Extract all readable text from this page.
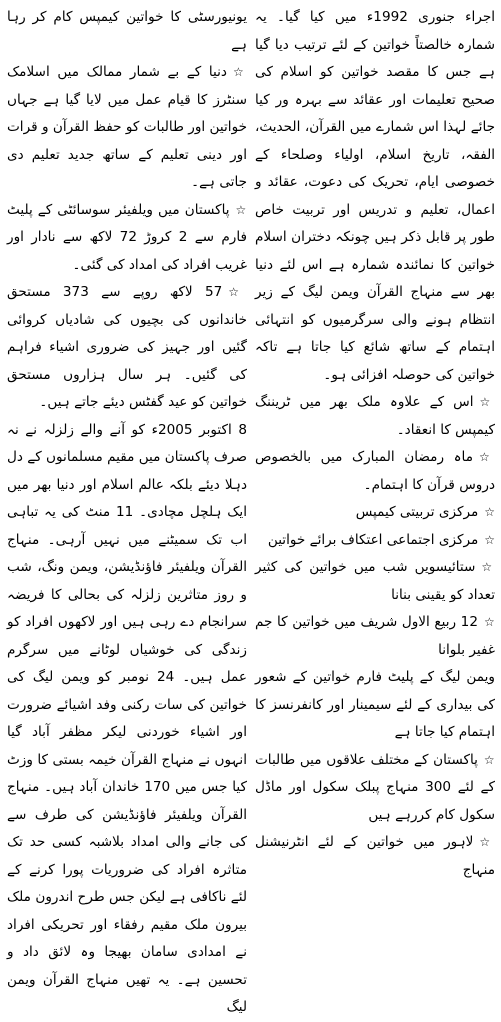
اجراء جنوری 1992ء میں کیا گیا۔ یہ شمارہ خالصتاً خواتین کے لئے ترتیب دیا گیا ہے جس کا مقصد خواتین کو اسلام کی صحیح تعلیمات اور عقائد سے بہرہ ور کیا جائے لہذا اس شمارے میں القرآن، الحدیث، الفقہ، تاریخ اسلام، اولیاء وصلحاء کے خصوصی ایام، تحریک کی دعوت، عقائد و اعمال، تعلیم و تدریس اور تربیت خاص طور پر قابل ذکر ہیں چونکہ دختران اسلام خواتین کا نمائندہ شمارہ ہے اس لئے دنیا بھر سے منہاج القرآن ویمن لیگ کے زیر انتظام ہونے والی سرگرمیوں کو انتہائی اہتمام کے ساتھ شائع کیا جاتا ہے تاکہ خواتین کی حوصلہ افزائی ہو۔

☆اس کے علاوہ ملک بھر میں ٹریننگ کیمپس کا انعقاد۔

☆ماہ رمضان المبارک میں بالخصوص دروس قرآن کا اہتمام۔

☆مرکزی تربیتی کیمپس

☆مرکزی اجتماعی اعتکاف برائے خواتین

☆ستائیسویں شب میں خواتین کی کثیر تعداد کو یقینی بنانا

☆12 ربیع الاول شریف میں خواتین کا جم غفیر بلوانا

ویمن لیگ کے پلیٹ فارم خواتین کے شعور کی بیداری کے لئے سیمینار اور کانفرنسز کا اہتمام کیا جاتا ہے

☆پاکستان کے مختلف علاقوں میں طالبات کے لئے 300 منہاج پبلک سکول اور ماڈل سکول کام کررہے ہیں

☆لاہور میں خواتین کے لئے انٹرنیشنل منہاج

یونیورسٹی کا خواتین کیمپس کام کر رہا ہے

☆دنیا کے بے شمار ممالک میں اسلامک سنٹرز کا قیام عمل میں لایا گیا ہے جہاں خواتین اور طالبات کو حفظ القرآن و قرات اور دینی تعلیم کے ساتھ جدید تعلیم دی جاتی ہے۔

☆پاکستان میں ویلفیئر سوسائٹی کے پلیٹ فارم سے 2 کروڑ 72 لاکھ سے نادار اور غریب افراد کی امداد کی گئی۔

☆57 لاکھ روپے سے 373 مستحق خاندانوں کی بچیوں کی شادیاں کروائی گئیں اور جہیز کی ضروری اشیاء فراہم کی گئیں۔ ہر سال ہزاروں مستحق خواتین کو عید گفٹس دیئے جاتے ہیں۔

8 اکتوبر 2005ء کو آنے والے زلزلہ نے نہ صرف پاکستان میں مقیم مسلمانوں کے دل دہلا دیئے بلکہ عالم اسلام اور دنیا بھر میں ایک ہلچل مچادی۔ 11 منٹ کی یہ تباہی اب تک سمیٹنے میں نہیں آرہی۔ منہاج القرآن ویلفیئر فاؤنڈیشن، ویمن ونگ، شب و روز متاثرین زلزلہ کی بحالی کا فریضہ سرانجام دے رہی ہیں اور لاکھوں افراد کو زندگی کی خوشیاں لوٹانے میں سرگرم عمل ہیں۔ 24 نومبر کو ویمن لیگ کی خواتین کی سات رکنی وفد اشیائے ضرورت اور اشیاء خوردنی لیکر مظفر آباد گیا انہوں نے منہاج القرآن خیمہ بستی کا وزٹ کیا جس میں 170 خاندان آباد ہیں۔ منہاج القرآن ویلفیئر فاؤنڈیشن کی طرف سے کی جانے والی امداد بلاشبہ کسی حد تک متاثرہ افراد کی ضروریات پورا کرنے کے لئے ناکافی ہے لیکن جس طرح اندرون ملک بیرون ملک مقیم رفقاء اور تحریکی افراد نے امدادی سامان بھیجا وہ لائق داد و تحسین ہے۔ یہ تھیں منہاج القرآن ویمن لیگ
